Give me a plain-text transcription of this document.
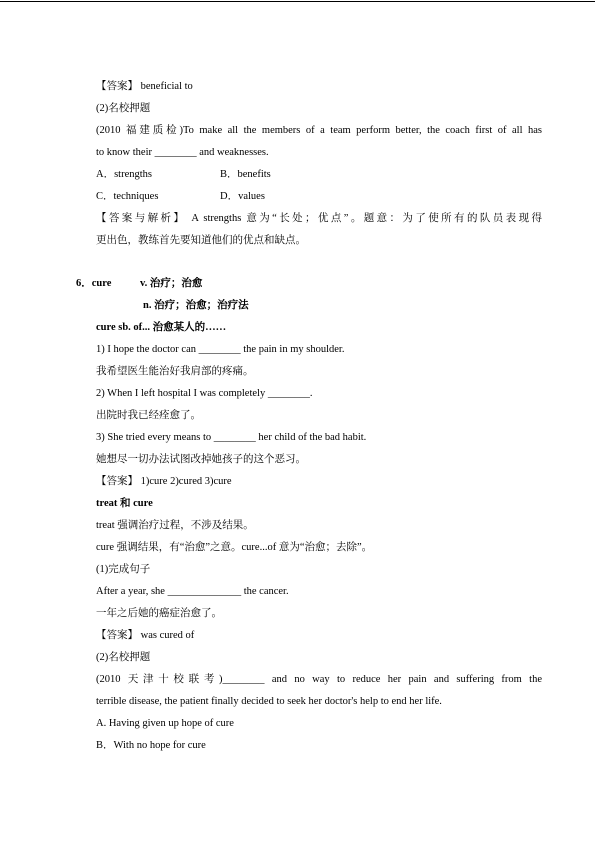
【答案】 beneficial to
(2)名校押题
(2010 福建质检)To make all the members of a team perform better, the coach first of all has
to know their ________ and weaknesses.
A．strengths	B．benefits
C．techniques	D．values
【答案与解析】 A strengths 意为“长处；优点”。题意：为了使所有的队员表现得
更出色，教练首先要知道他们的优点和缺点。
6．cure	v. 治疗；治愈
n. 治疗；治愈；治疗法
cure sb. of... 治愈某人的……
1) I hope the doctor can ________ the pain in my shoulder.
我希望医生能治好我肩部的疼痛。
2) When I left hospital I was completely ________.
出院时我已经痊愈了。
3) She tried every means to ________ her child of the bad habit.
她想尽一切办法试图改掉她孩子的这个恶习。
【答案】 1)cure 2)cured 3)cure
treat 和 cure
treat 强调治疗过程，不涉及结果。
cure 强调结果，有“治愈”之意。cure...of 意为“治愈；去除”。
(1)完成句子
After a year, she ______________ the cancer.
一年之后她的癌症治愈了。
【答案】 was cured of
(2)名校押题
(2010 天津十校联考)________ and no way to reduce her pain and suffering from the
terrible disease, the patient finally decided to seek her doctor's help to end her life.
A. Having given up hope of cure
B．With no hope for cure
